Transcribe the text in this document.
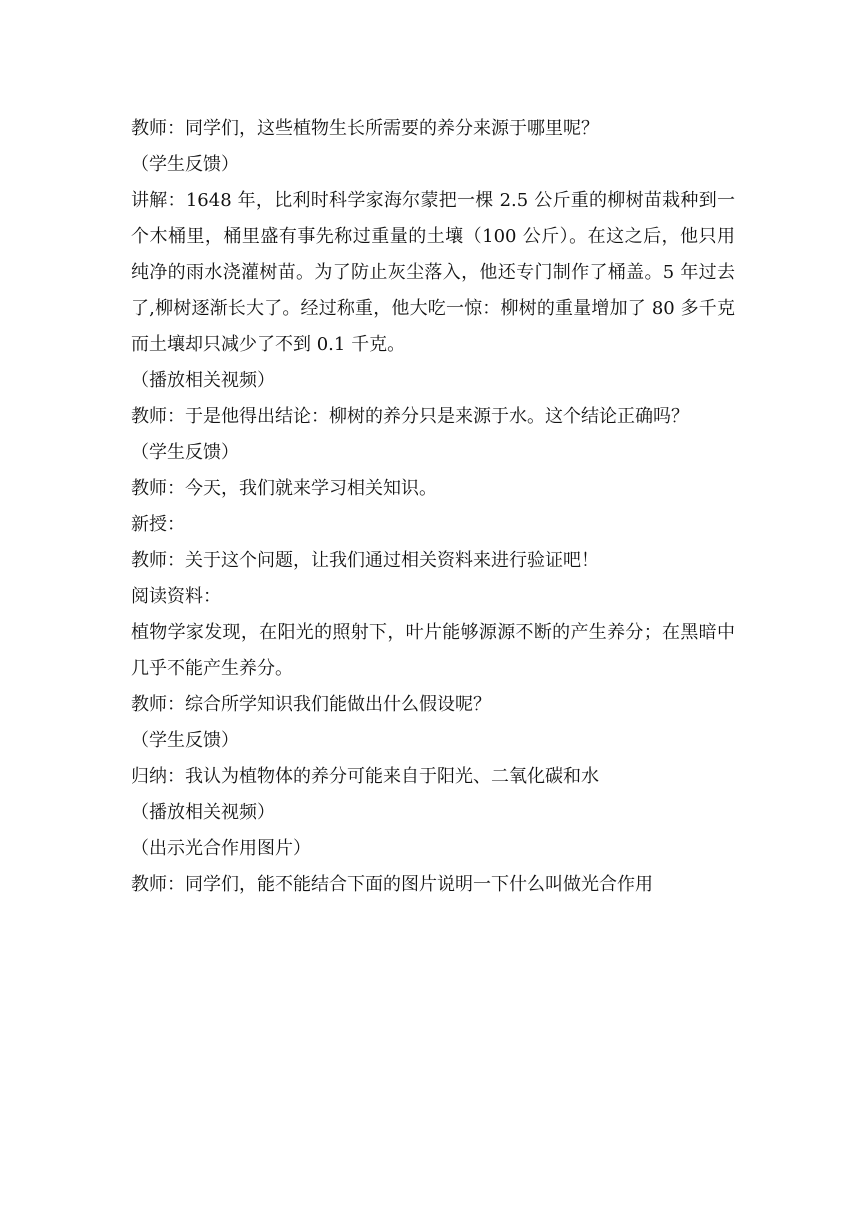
教师：同学们，这些植物生长所需要的养分来源于哪里呢？

（学生反馈）

讲解：1648 年，比利时科学家海尔蒙把一棵 2.5 公斤重的柳树苗栽种到一个木桶里，桶里盛有事先称过重量的土壤（100 公斤）。在这之后，他只用纯净的雨水浇灌树苗。为了防止灰尘落入，他还专门制作了桶盖。5 年过去了,柳树逐渐长大了。经过称重，他大吃一惊：柳树的重量增加了 80 多千克而土壤却只减少了不到 0.1 千克。

（播放相关视频）

教师：于是他得出结论：柳树的养分只是来源于水。这个结论正确吗？

（学生反馈）

教师：今天，我们就来学习相关知识。

新授：

教师：关于这个问题，让我们通过相关资料来进行验证吧！

阅读资料：

植物学家发现，在阳光的照射下，叶片能够源源不断的产生养分；在黑暗中几乎不能产生养分。

教师：综合所学知识我们能做出什么假设呢？

（学生反馈）

归纳：我认为植物体的养分可能来自于阳光、二氧化碳和水

（播放相关视频）

（出示光合作用图片）

教师：同学们，能不能结合下面的图片说明一下什么叫做光合作用
